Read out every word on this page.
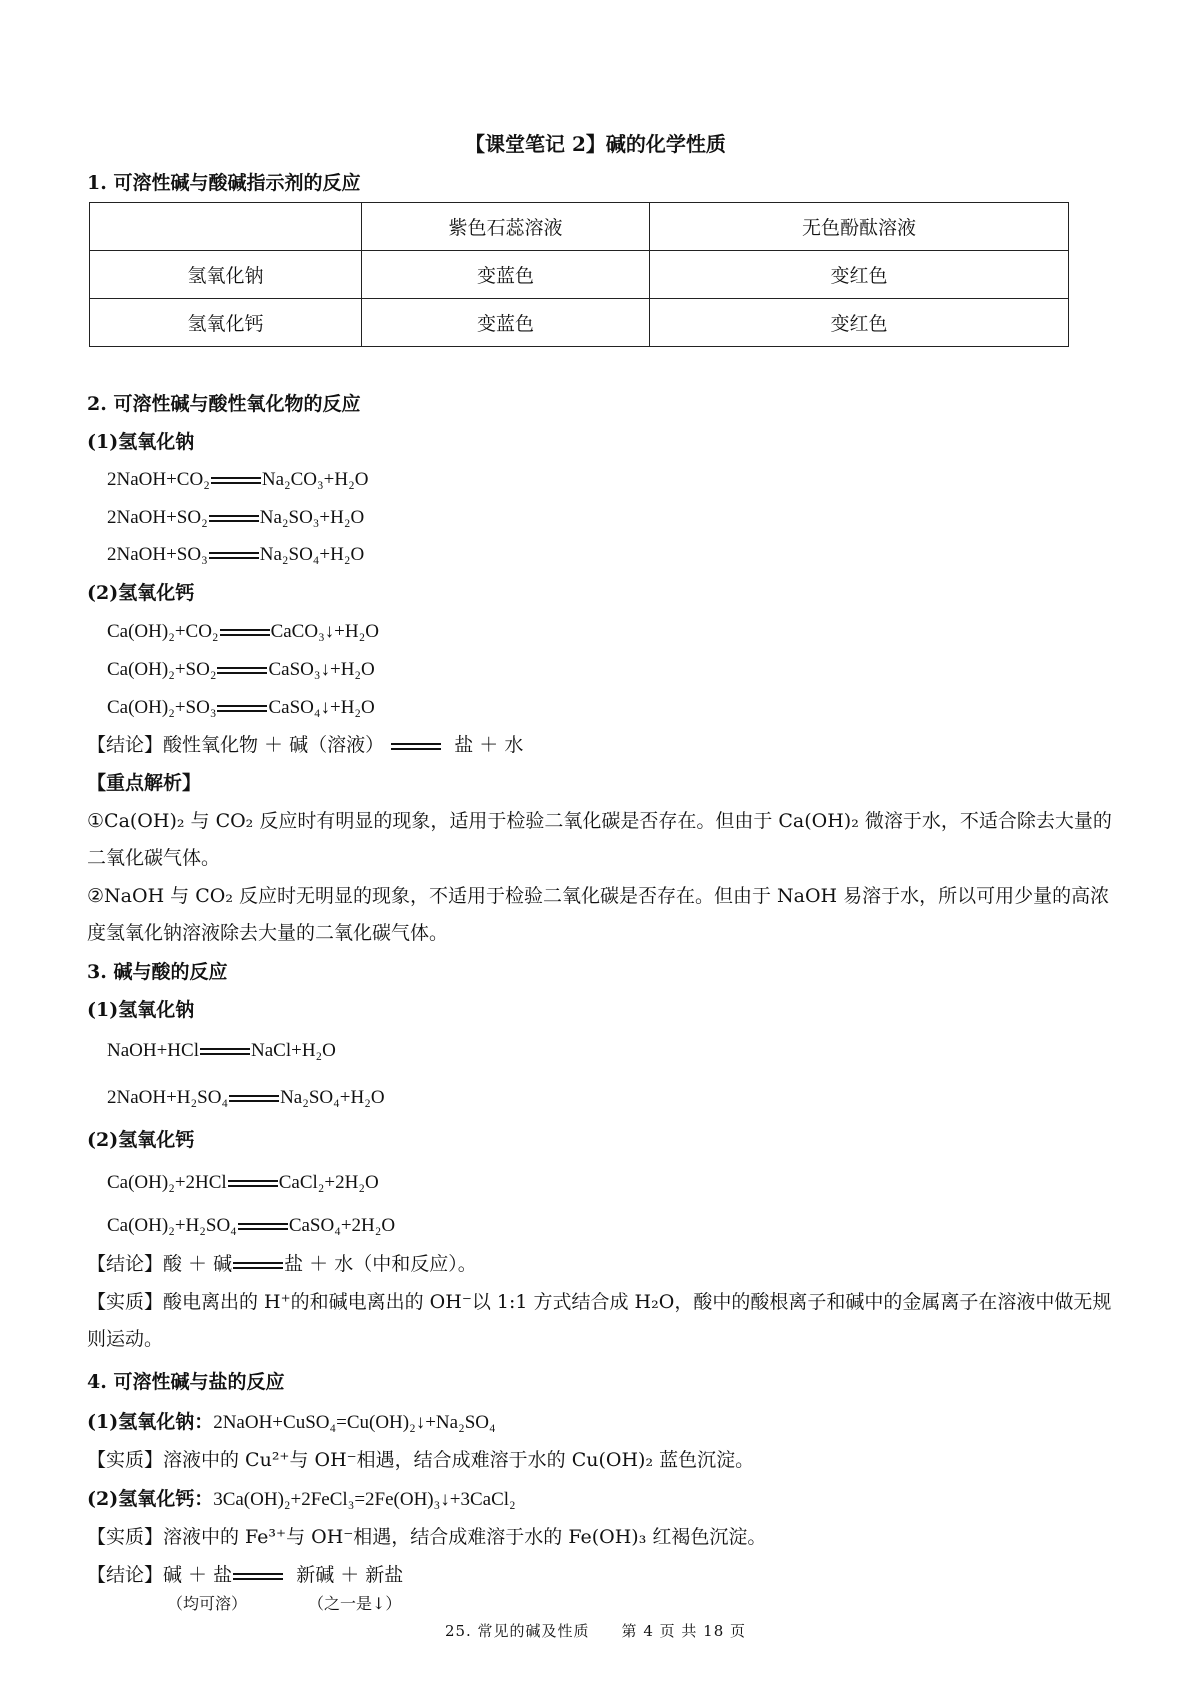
【课堂笔记 2】碱的化学性质
1. 可溶性碱与酸碱指示剂的反应
	紫色石蕊溶液	无色酚酞溶液
氢氧化钠	变蓝色	变红色
氢氧化钙	变蓝色	变红色
2. 可溶性碱与酸性氧化物的反应
(1)氢氧化钠
2NaOH+CO₂	Na₂CO₃+H₂O
2NaOH+SO₂	Na₂SO₃+H₂O
2NaOH+SO₃	Na₂SO₄+H₂O
(2)氢氧化钙
Ca(OH)₂+CO₂	CaCO₃↓+H₂O
Ca(OH)₂+SO₂	CaSO₃↓+H₂O
Ca(OH)₂+SO₃	CaSO₄↓+H₂O
【结论】酸性氧化物 ＋ 碱（溶液）	盐 ＋ 水
【重点解析】
①Ca(OH)₂ 与 CO₂ 反应时有明显的现象，适用于检验二氧化碳是否存在。但由于 Ca(OH)₂ 微溶于水，不适合除去大量的二氧化碳气体。
②NaOH 与 CO₂ 反应时无明显的现象，不适用于检验二氧化碳是否存在。但由于 NaOH 易溶于水，所以可用少量的高浓度氢氧化钠溶液除去大量的二氧化碳气体。
3. 碱与酸的反应
(1)氢氧化钠
NaOH+HCl	NaCl+H₂O
2NaOH+H₂SO₄	Na₂SO₄+H₂O
(2)氢氧化钙
Ca(OH)₂+2HCl	CaCl₂+2H₂O
Ca(OH)₂+H₂SO₄	CaSO₄+2H₂O
【结论】酸 ＋ 碱	盐 ＋ 水（中和反应）。
【实质】酸电离出的 H⁺的和碱电离出的 OH⁻以 1:1 方式结合成 H₂O，酸中的酸根离子和碱中的金属离子在溶液中做无规则运动。
4. 可溶性碱与盐的反应
(1)氢氧化钠：2NaOH+CuSO₄=Cu(OH)₂↓+Na₂SO₄
【实质】溶液中的 Cu²⁺与 OH⁻相遇，结合成难溶于水的 Cu(OH)₂ 蓝色沉淀。
(2)氢氧化钙：3Ca(OH)₂+2FeCl₃=2Fe(OH)₃↓+3CaCl₂
【实质】溶液中的 Fe³⁺与 OH⁻相遇，结合成难溶于水的 Fe(OH)₃ 红褐色沉淀。
【结论】碱 ＋ 盐	新碱 ＋ 新盐
（均可溶）	（之一是↓）
25. 常见的碱及性质　　第 4 页 共 18 页
